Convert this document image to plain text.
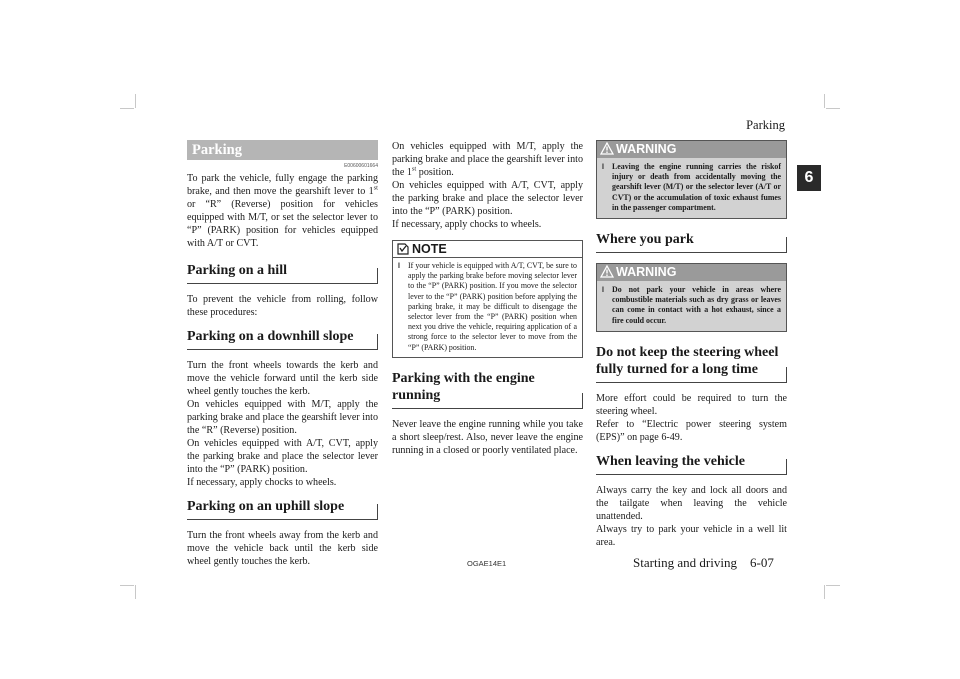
Parking
6
Parking
E00600601664

To park the vehicle, fully engage the parking brake, and then move the gearshift lever to 1st or “R” (Reverse) position for vehicles equipped with M/T, or set the selector lever to “P” (PARK) position for vehicles equipped with A/T or CVT.

Parking on a hill

To prevent the vehicle from rolling, follow these procedures:

Parking on a downhill slope

Turn the front wheels towards the kerb and move the vehicle forward until the kerb side wheel gently touches the kerb.
On vehicles equipped with M/T, apply the parking brake and place the gearshift lever into the “R” (Reverse) position.
On vehicles equipped with A/T, CVT, apply the parking brake and place the selector lever into the “P” (PARK) position.
If necessary, apply chocks to wheels.

Parking on an uphill slope

Turn the front wheels away from the kerb and move the vehicle back until the kerb side wheel gently touches the kerb.

On vehicles equipped with M/T, apply the parking brake and place the gearshift lever into the 1st position.

On vehicles equipped with A/T, CVT, apply the parking brake and place the selector lever into the “P” (PARK) position.
If necessary, apply chocks to wheels.

NOTE
l	If your vehicle is equipped with A/T, CVT, be sure to apply the parking brake before moving selector lever to the “P” (PARK) position. If you move the selector lever to the “P” (PARK) position before applying the parking brake, it may be difficult to disengage the selector lever from the “P” (PARK) position when next you drive the vehicle, requiring application of a strong force to the selector lever to move from the “P” (PARK) position.
Parking with the engine running

Never leave the engine running while you take a short sleep/rest. Also, never leave the engine running in a closed or poorly ventilated place.

WARNING
l	Leaving the engine running carries the riskof injury or death from accidentally moving the gearshift lever (M/T) or the selector lever (A/T or CVT) or the accumulation of toxic exhaust fumes in the passenger compartment.
Where you park
WARNING
l	Do not park your vehicle in areas where combustible materials such as dry grass or leaves can come in contact with a hot exhaust, since a fire could occur.
Do not keep the steering wheel fully turned for a long time

More effort could be required to turn the steering wheel.
Refer to “Electric power steering system (EPS)” on page 6-49.

When leaving the vehicle

Always carry the key and lock all doors and the tailgate when leaving the vehicle unattended.
Always try to park your vehicle in a well lit area.

OGAE14E1	Starting and driving 6-07
